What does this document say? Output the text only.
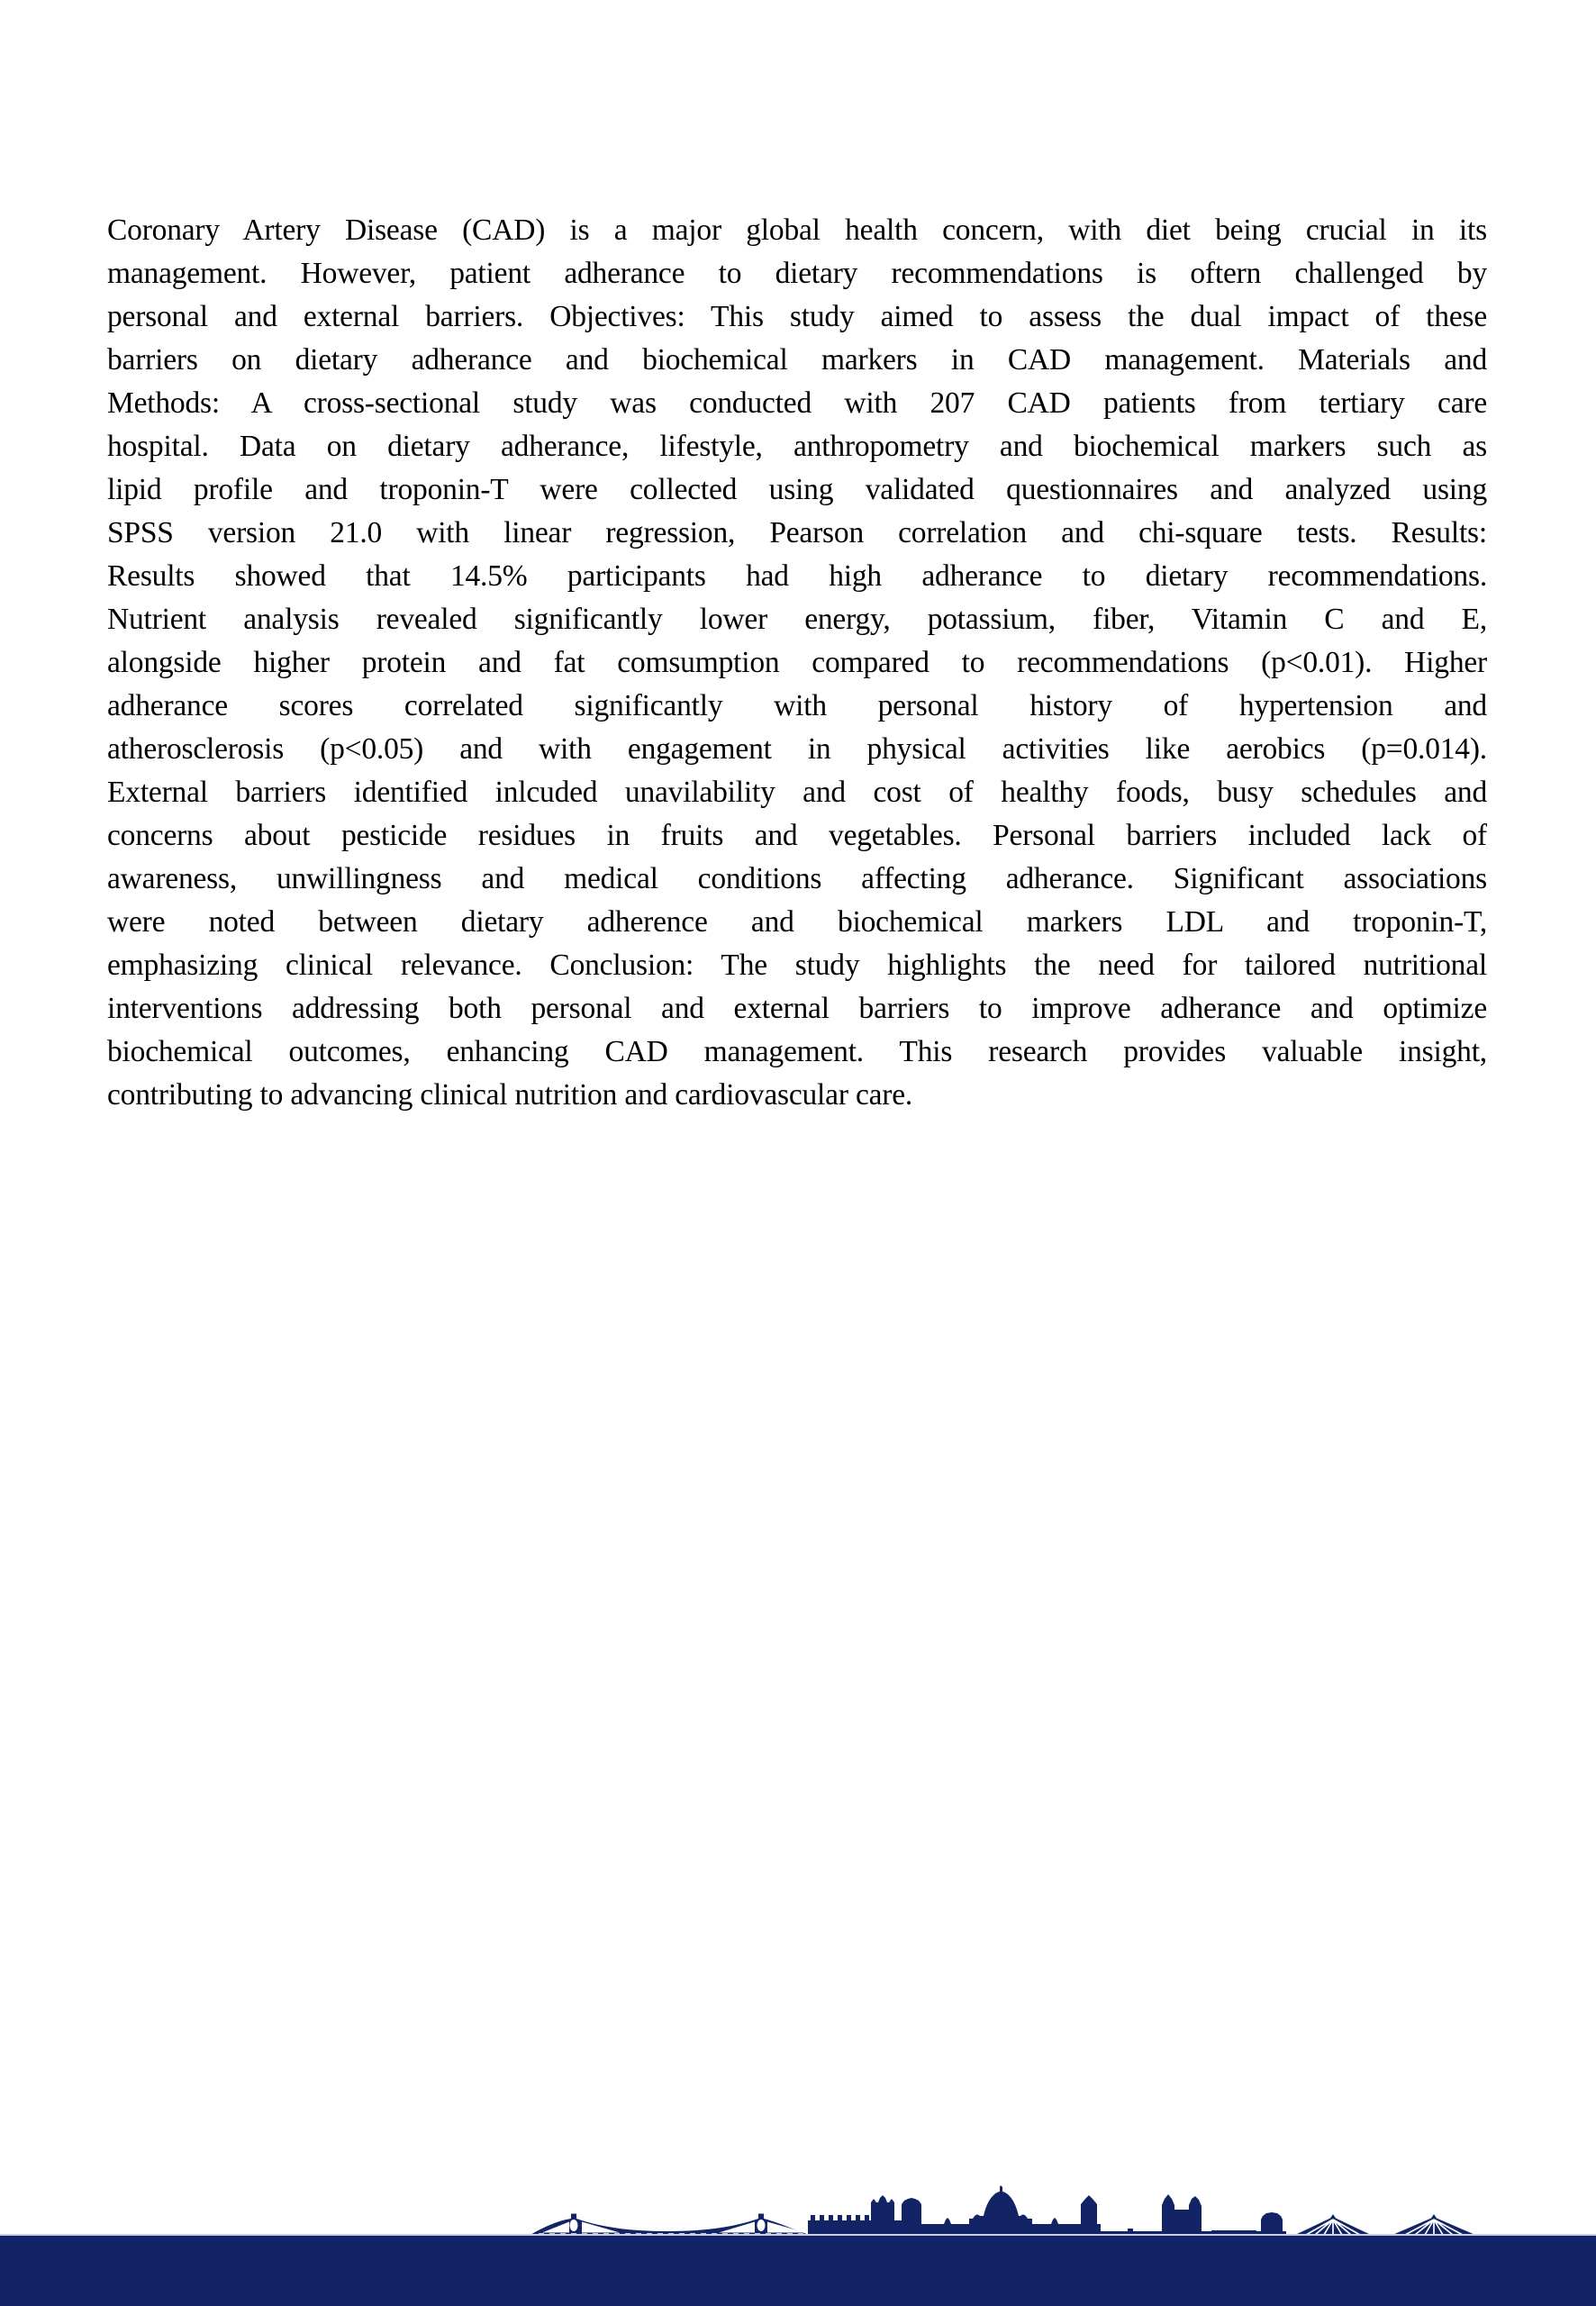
Coronary Artery Disease (CAD) is a major global health concern, with diet being crucial in its
management. However, patient adherance to dietary recommendations is oftern challenged by
personal and external barriers. Objectives: This study aimed to assess the dual impact of these
barriers on dietary adherance and biochemical markers in CAD management. Materials and
Methods: A cross-sectional study was conducted with 207 CAD patients from tertiary care
hospital. Data on dietary adherance, lifestyle, anthropometry and biochemical markers such as
lipid profile and troponin-T were collected using validated questionnaires and analyzed using
SPSS version 21.0 with linear regression, Pearson correlation and chi-square tests. Results:
Results showed that 14.5% participants had high adherance to dietary recommendations.
Nutrient analysis revealed significantly lower energy, potassium, fiber, Vitamin C and E,
alongside higher protein and fat comsumption compared to recommendations (p<0.01). Higher
adherance scores correlated significantly with personal history of hypertension and
atherosclerosis (p<0.05) and with engagement in physical activities like aerobics (p=0.014).
External barriers identified inlcuded unavilability and cost of healthy foods, busy schedules and
concerns about pesticide residues in fruits and vegetables. Personal barriers included lack of
awareness, unwillingness and medical conditions affecting adherance. Significant associations
were noted between dietary adherence and biochemical markers LDL and troponin-T,
emphasizing clinical relevance. Conclusion: The study highlights the need for tailored nutritional
interventions addressing both personal and external barriers to improve adherance and optimize
biochemical outcomes, enhancing CAD management. This research provides valuable insight,
contributing to advancing clinical nutrition and cardiovascular care.
